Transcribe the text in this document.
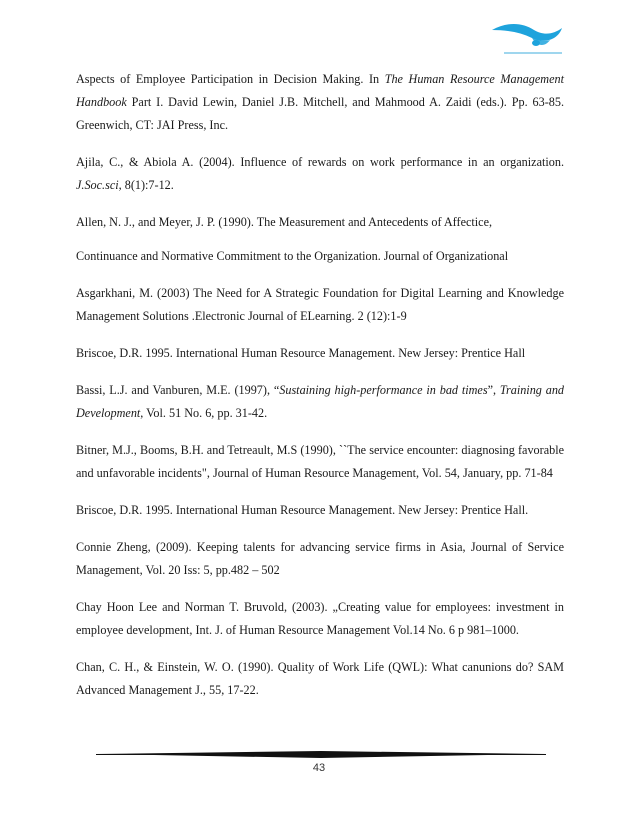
Aspects of Employee Participation in Decision Making. In The Human Resource Management Handbook Part I. David Lewin, Daniel J.B. Mitchell, and Mahmood A. Zaidi (eds.). Pp. 63-85. Greenwich, CT: JAI Press, Inc.

Ajila, C., & Abiola A. (2004). Influence of rewards on work performance in an organization. J.Soc.sci, 8(1):7-12.

Allen, N. J., and Meyer, J. P. (1990). The Measurement and Antecedents of Affectice,

Continuance and Normative Commitment to the Organization. Journal of Organizational

Asgarkhani, M. (2003) The Need for A Strategic Foundation for Digital Learning and Knowledge Management Solutions .Electronic Journal of ELearning. 2 (12):1-9

Briscoe, D.R. 1995. International Human Resource Management. New Jersey: Prentice Hall

Bassi, L.J. and Vanburen, M.E. (1997), “Sustaining high-performance in bad times”, Training and Development, Vol. 51 No. 6, pp. 31-42.

Bitner, M.J., Booms, B.H. and Tetreault, M.S (1990), ``The service encounter: diagnosing favorable and unfavorable incidents", Journal of Human Resource Management, Vol. 54, January, pp. 71-84

Briscoe, D.R. 1995. International Human Resource Management. New Jersey: Prentice Hall.

Connie Zheng, (2009). Keeping talents for advancing service firms in Asia, Journal of Service Management, Vol. 20 Iss: 5, pp.482 – 502

Chay Hoon Lee and Norman T. Bruvold, (2003). „Creating value for employees: investment in employee development, Int. J. of Human Resource Management Vol.14 No. 6 p 981–1000.

Chan, C. H., & Einstein, W. O. (1990). Quality of Work Life (QWL): What canunions do? SAM Advanced Management J., 55, 17-22.

43
